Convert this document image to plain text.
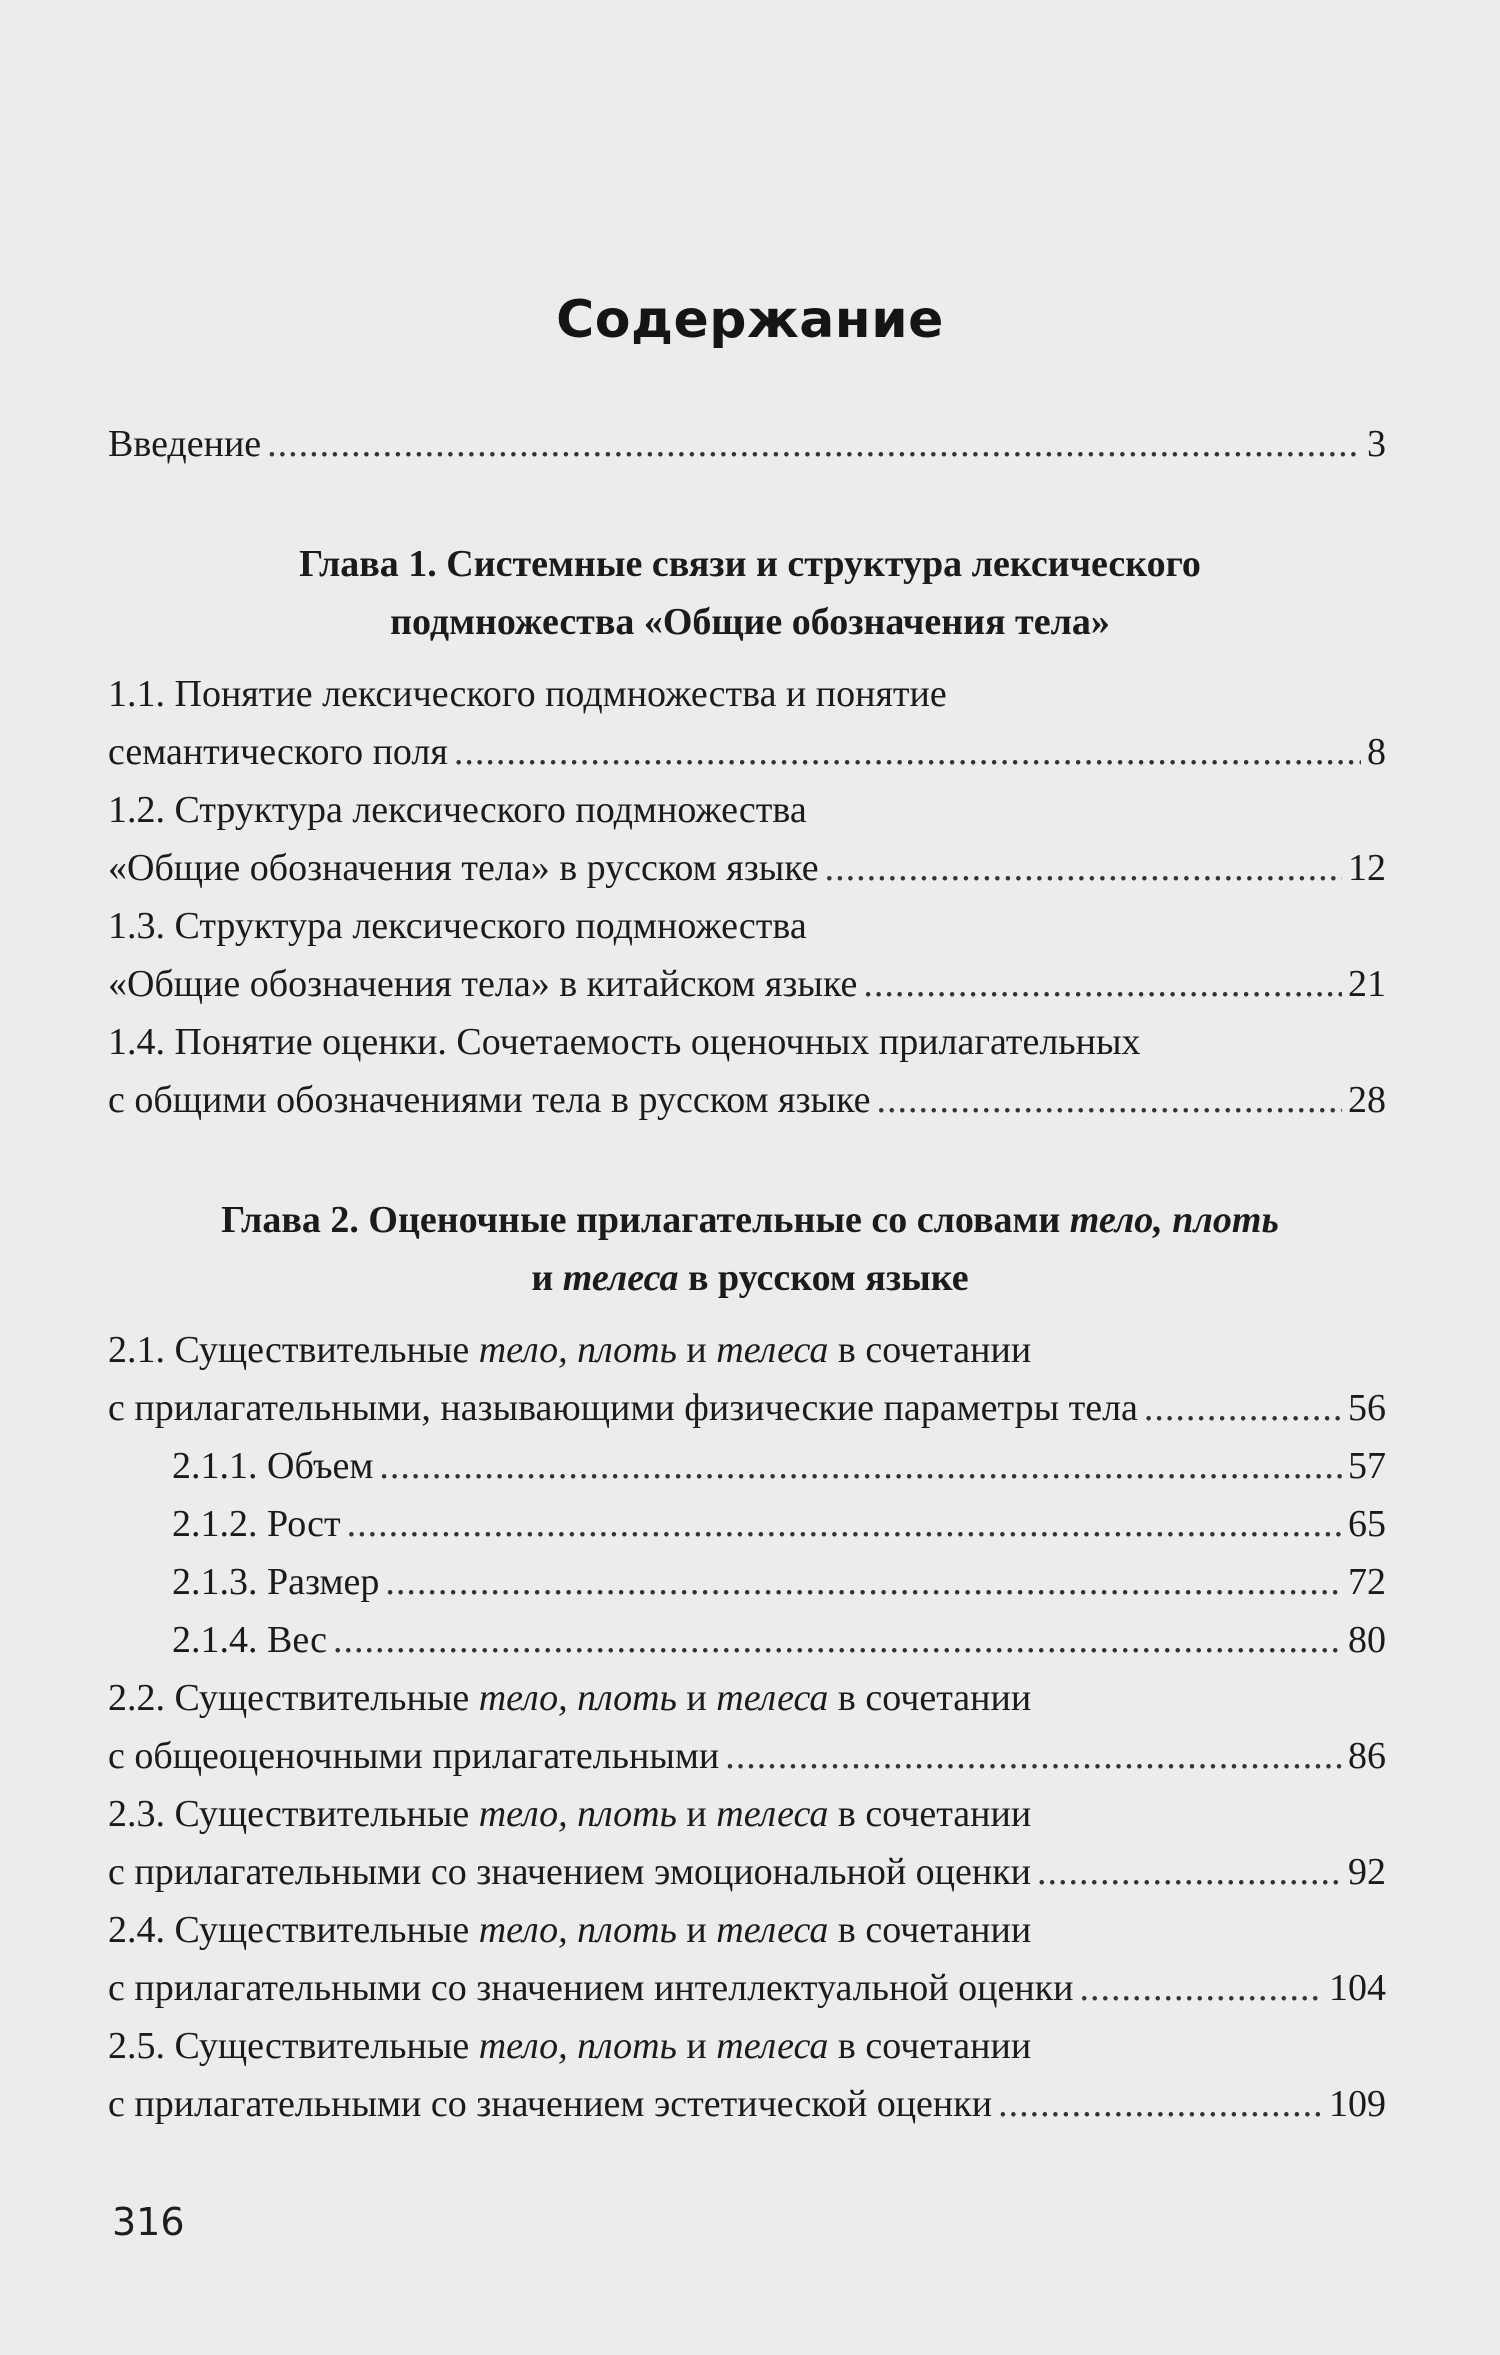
Содержание
Введение .....	3
Глава 1. Системные связи и структура лексического
подмножества «Общие обозначения тела»
1.1. Понятие лексического подмножества и понятие
семантического поля .....	8
1.2. Структура лексического подмножества
«Общие обозначения тела» в русском языке .....	12
1.3. Структура лексического подмножества
«Общие обозначения тела» в китайском языке .....	21
1.4. Понятие оценки. Сочетаемость оценочных прилагательных
с общими обозначениями тела в русском языке .....	28
Глава 2. Оценочные прилагательные со словами тело, плоть
и телеса в русском языке
2.1. Существительные тело, плоть и телеса в сочетании
с прилагательными, называющими физические параметры тела .....	56
2.1.1. Объем .....	57
2.1.2. Рост .....	65
2.1.3. Размер .....	72
2.1.4. Вес .....	80
2.2. Существительные тело, плоть и телеса в сочетании
с общеоценочными прилагательными .....	86
2.3. Существительные тело, плоть и телеса в сочетании
с прилагательными со значением эмоциональной оценки .....	92
2.4. Существительные тело, плоть и телеса в сочетании
с прилагательными со значением интеллектуальной оценки .....	104
2.5. Существительные тело, плоть и телеса в сочетании
с прилагательными со значением эстетической оценки .....	109
316
